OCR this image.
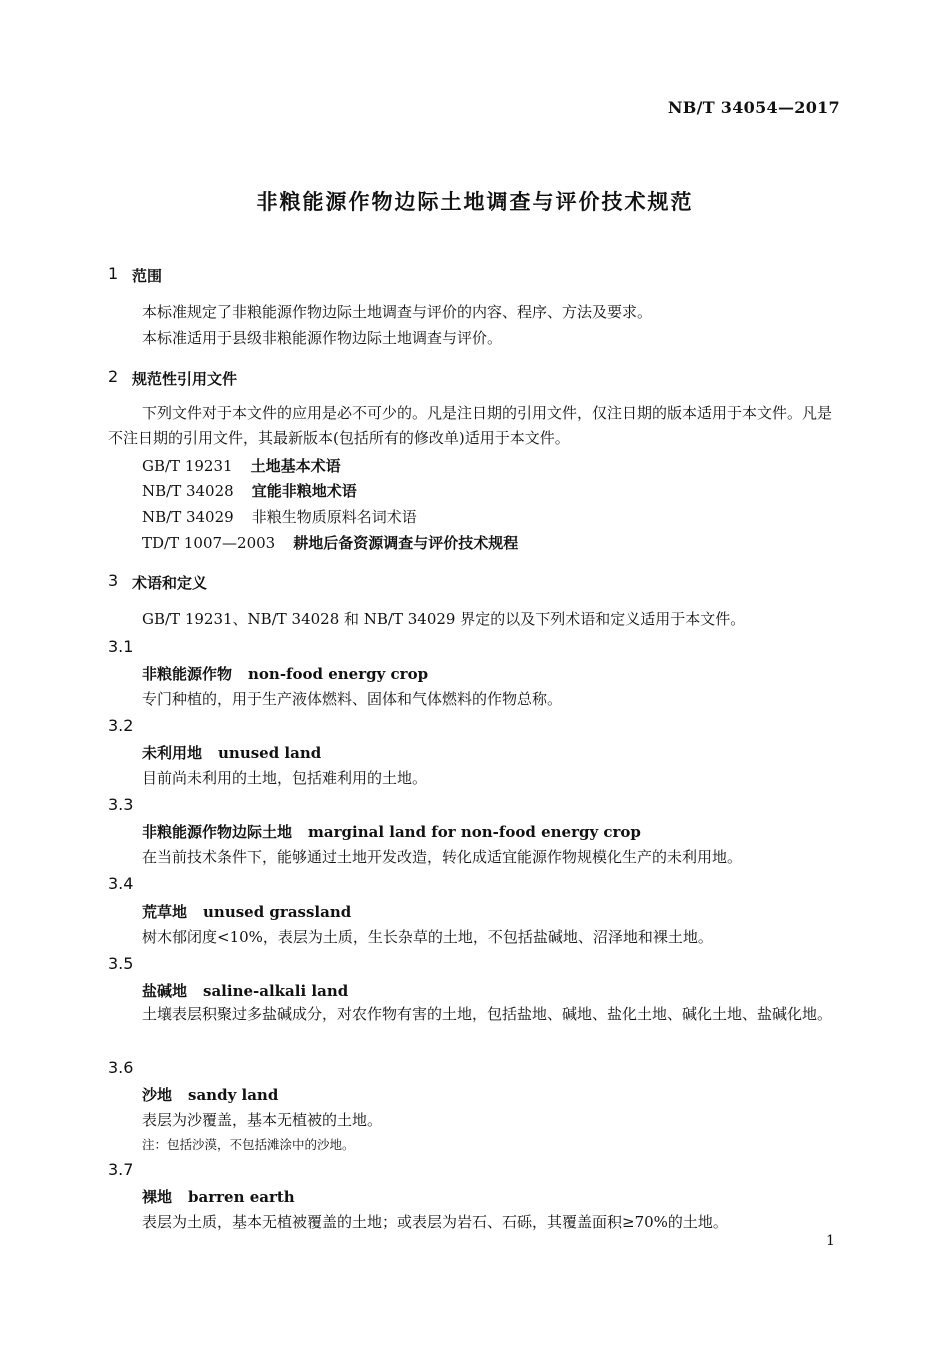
NB/T 34054—2017
非粮能源作物边际土地调查与评价技术规范
1 范围
本标准规定了非粮能源作物边际土地调查与评价的内容、程序、方法及要求。
本标准适用于县级非粮能源作物边际土地调查与评价。
2 规范性引用文件
下列文件对于本文件的应用是必不可少的。凡是注日期的引用文件，仅注日期的版本适用于本文件。凡是不注日期的引用文件，其最新版本(包括所有的修改单)适用于本文件。
GB/T 19231 土地基本术语
NB/T 34028 宜能非粮地术语
NB/T 34029 非粮生物质原料名词术语
TD/T 1007—2003 耕地后备资源调查与评价技术规程
3 术语和定义
GB/T 19231、NB/T 34028 和 NB/T 34029 界定的以及下列术语和定义适用于本文件。
3.1
非粮能源作物 non-food energy crop
专门种植的，用于生产液体燃料、固体和气体燃料的作物总称。
3.2
未利用地 unused land
目前尚未利用的土地，包括难利用的土地。
3.3
非粮能源作物边际土地 marginal land for non-food energy crop
在当前技术条件下，能够通过土地开发改造，转化成适宜能源作物规模化生产的未利用地。
3.4
荒草地 unused grassland
树木郁闭度<10%，表层为土质，生长杂草的土地，不包括盐碱地、沼泽地和裸土地。
3.5
盐碱地 saline-alkali land
土壤表层积聚过多盐碱成分，对农作物有害的土地，包括盐地、碱地、盐化土地、碱化土地、盐碱化地。
3.6
沙地 sandy land
表层为沙覆盖，基本无植被的土地。
注：包括沙漠，不包括滩涂中的沙地。
3.7
裸地 barren earth
表层为土质，基本无植被覆盖的土地；或表层为岩石、石砾，其覆盖面积≥70%的土地。
1
